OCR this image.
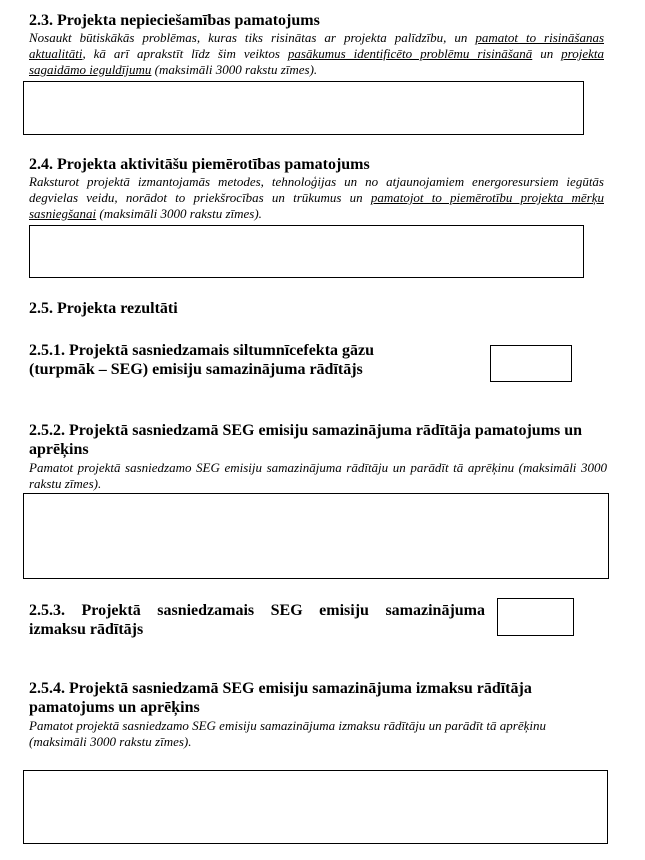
2.3. Projekta nepieciešamības pamatojums

Nosaukt būtiskākās problēmas, kuras tiks risinātas ar projekta palīdzību, un pamatot to risināšanas aktualitāti, kā arī aprakstīt līdz šim veiktos pasākumus identificēto problēmu risināšanā un projekta sagaidāmo ieguldījumu (maksimāli 3000 rakstu zīmes).

2.4. Projekta aktivitāšu piemērotības pamatojums

Raksturot projektā izmantojamās metodes, tehnoloģijas un no atjaunojamiem energoresursiem iegūtās degvielas veidu, norādot to priekšrocības un trūkumus un pamatojot to piemērotību projekta mērķu sasniegšanai (maksimāli 3000 rakstu zīmes).

2.5. Projekta rezultāti

2.5.1. Projektā sasniedzamais siltumnīcefekta gāzu

(turpmāk – SEG) emisiju samazinājuma rādītājs

2.5.2. Projektā sasniedzamā SEG emisiju samazinājuma rādītāja pamatojums un aprēķins

Pamatot projektā sasniedzamo SEG emisiju samazinājuma rādītāju un parādīt tā aprēķinu (maksimāli 3000 rakstu zīmes).

2.5.3. Projektā sasniedzamais SEG emisiju samazinājuma

izmaksu rādītājs

2.5.4. Projektā sasniedzamā SEG emisiju samazinājuma izmaksu rādītāja pamatojums un aprēķins

Pamatot projektā sasniedzamo SEG emisiju samazinājuma izmaksu rādītāju un parādīt tā aprēķinu (maksimāli 3000 rakstu zīmes).
